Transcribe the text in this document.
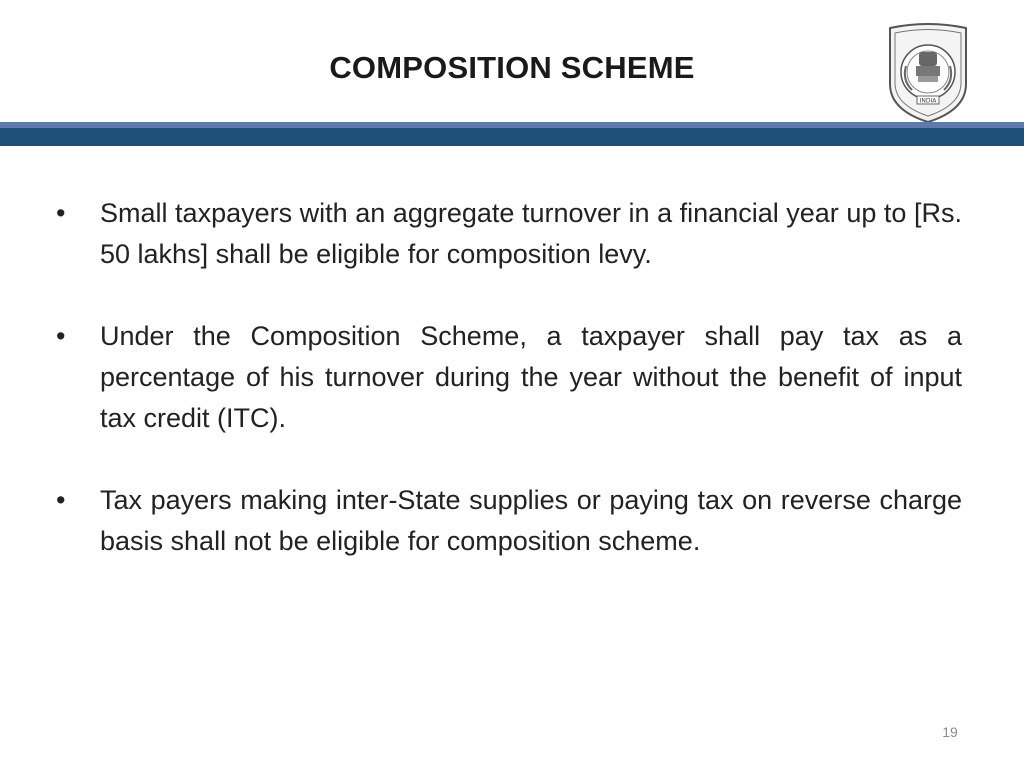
COMPOSITION SCHEME
INDIA
•	Small taxpayers with an aggregate turnover in a financial year up to [Rs. 50 lakhs] shall be eligible for composition levy.
•	Under the Composition Scheme, a taxpayer shall pay tax as a percentage of his turnover during the year without the benefit of input tax credit (ITC).
•	Tax payers making inter-State supplies or paying tax on reverse charge basis shall not be eligible for composition scheme.
19
